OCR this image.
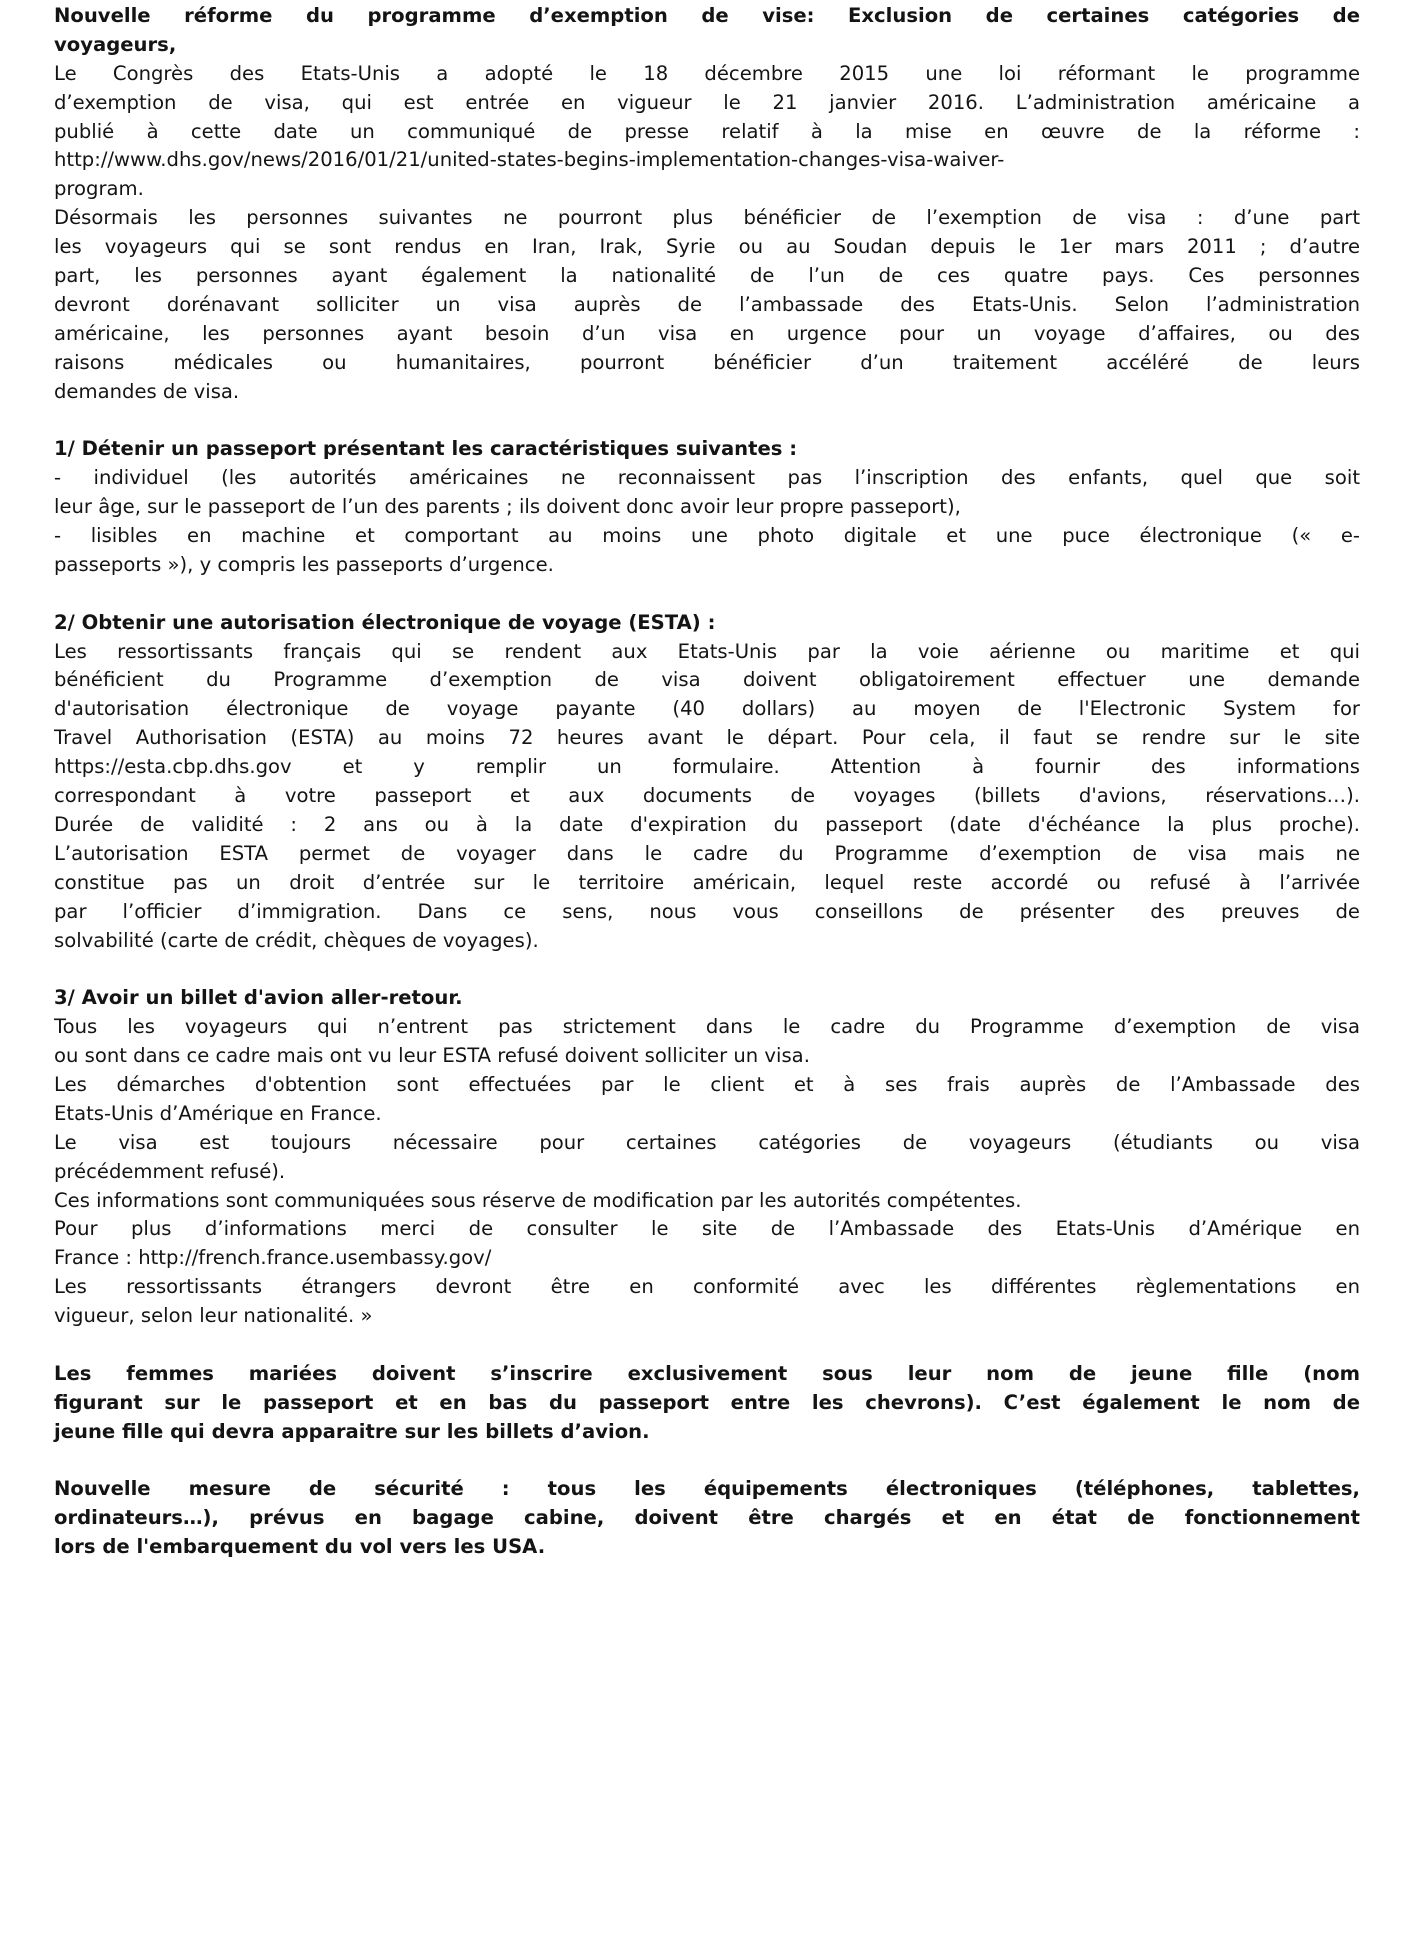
Nouvelle réforme du programme d’exemption de vise: Exclusion de certaines catégories de
voyageurs,
Le Congrès des Etats-Unis a adopté le 18 décembre 2015 une loi réformant le programme
d’exemption de visa, qui est entrée en vigueur le 21 janvier 2016. L’administration américaine a
publié à cette date un communiqué de presse relatif à la mise en œuvre de la réforme :
http://www.dhs.gov/news/2016/01/21/united-states-begins-implementation-changes-visa-waiver-
program.
Désormais les personnes suivantes ne pourront plus bénéficier de l’exemption de visa : d’une part
les voyageurs qui se sont rendus en Iran, Irak, Syrie ou au Soudan depuis le 1er mars 2011 ; d’autre
part, les personnes ayant également la nationalité de l’un de ces quatre pays. Ces personnes
devront dorénavant solliciter un visa auprès de l’ambassade des Etats-Unis. Selon l’administration
américaine, les personnes ayant besoin d’un visa en urgence pour un voyage d’affaires, ou des
raisons médicales ou humanitaires, pourront bénéficier d’un traitement accéléré de leurs
demandes de visa.
1/ Détenir un passeport présentant les caractéristiques suivantes :
- individuel (les autorités américaines ne reconnaissent pas l’inscription des enfants, quel que soit
leur âge, sur le passeport de l’un des parents ; ils doivent donc avoir leur propre passeport),
- lisibles en machine et comportant au moins une photo digitale et une puce électronique (« e-
passeports »), y compris les passeports d’urgence.
2/ Obtenir une autorisation électronique de voyage (ESTA) :
Les ressortissants français qui se rendent aux Etats-Unis par la voie aérienne ou maritime et qui
bénéficient du Programme d’exemption de visa doivent obligatoirement effectuer une demande
d'autorisation électronique de voyage payante (40 dollars) au moyen de l'Electronic System for
Travel Authorisation (ESTA) au moins 72 heures avant le départ. Pour cela, il faut se rendre sur le site
https://esta.cbp.dhs.gov et y remplir un formulaire. Attention à fournir des informations
correspondant à votre passeport et aux documents de voyages (billets d'avions, réservations…).
Durée de validité : 2 ans ou à la date d'expiration du passeport (date d'échéance la plus proche).
L’autorisation ESTA permet de voyager dans le cadre du Programme d’exemption de visa mais ne
constitue pas un droit d’entrée sur le territoire américain, lequel reste accordé ou refusé à l’arrivée
par l’officier d’immigration. Dans ce sens, nous vous conseillons de présenter des preuves de
solvabilité (carte de crédit, chèques de voyages).
3/ Avoir un billet d'avion aller-retour.
Tous les voyageurs qui n’entrent pas strictement dans le cadre du Programme d’exemption de visa
ou sont dans ce cadre mais ont vu leur ESTA refusé doivent solliciter un visa.
Les démarches d'obtention sont effectuées par le client et à ses frais auprès de l’Ambassade des
Etats-Unis d’Amérique en France.
Le visa est toujours nécessaire pour certaines catégories de voyageurs (étudiants ou visa
précédemment refusé).
Ces informations sont communiquées sous réserve de modification par les autorités compétentes.
Pour plus d’informations merci de consulter le site de l’Ambassade des Etats-Unis d’Amérique en
France : http://french.france.usembassy.gov/
Les ressortissants étrangers devront être en conformité avec les différentes règlementations en
vigueur, selon leur nationalité. »
Les femmes mariées doivent s’inscrire exclusivement sous leur nom de jeune fille (nom
figurant sur le passeport et en bas du passeport entre les chevrons). C’est également le nom de
jeune fille qui devra apparaitre sur les billets d’avion.
Nouvelle mesure de sécurité : tous les équipements électroniques (téléphones, tablettes,
ordinateurs…), prévus en bagage cabine, doivent être chargés et en état de fonctionnement
lors de l'embarquement du vol vers les USA.
